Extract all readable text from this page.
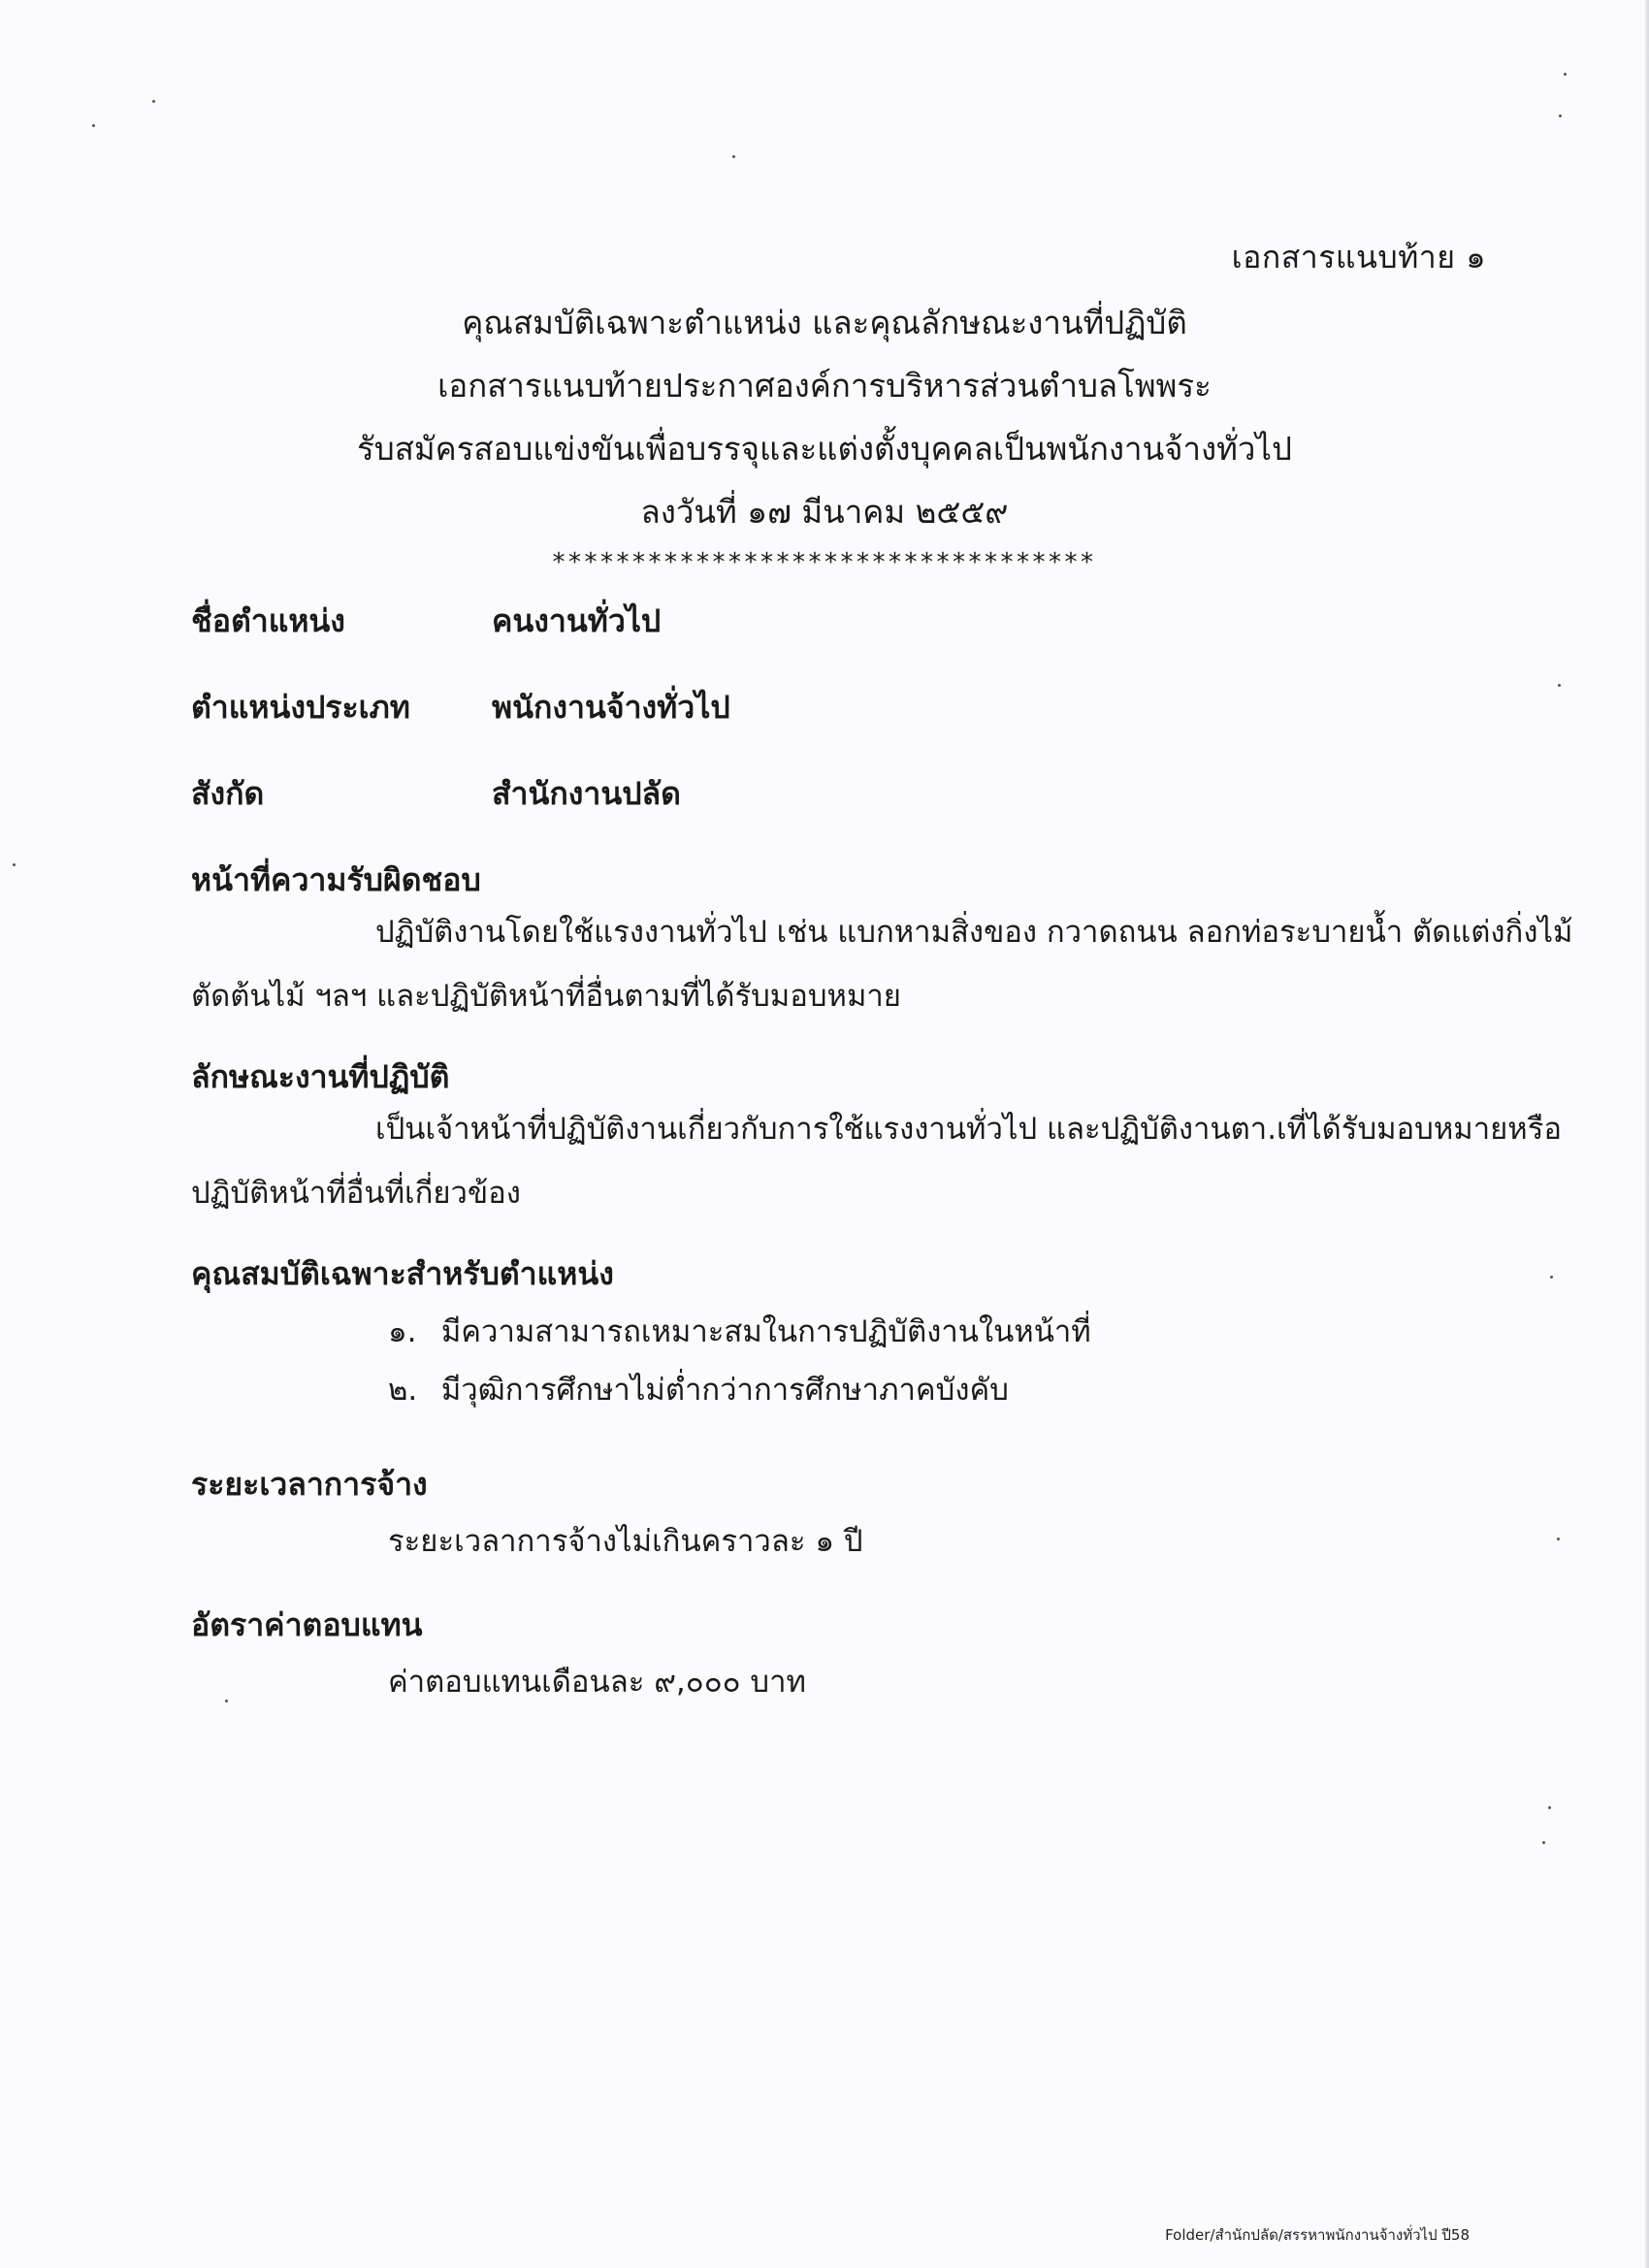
เอกสารแนบท้าย ๑
คุณสมบัติเฉพาะตำแหน่ง และคุณลักษณะงานที่ปฏิบัติ
เอกสารแนบท้ายประกาศองค์การบริหารส่วนตำบลโพพระ
รับสมัครสอบแข่งขันเพื่อบรรจุและแต่งตั้งบุคคลเป็นพนักงานจ้างทั่วไป
ลงวันที่ ๑๗ มีนาคม ๒๕๕๙
**********************************
ชื่อตำแหน่ง	คนงานทั่วไป
ตำแหน่งประเภท	พนักงานจ้างทั่วไป
สังกัด	สำนักงานปลัด
หน้าที่ความรับผิดชอบ
ปฏิบัติงานโดยใช้แรงงานทั่วไป เช่น แบกหามสิ่งของ กวาดถนน ลอกท่อระบายน้ำ ตัดแต่งกิ่งไม้
ตัดต้นไม้ ฯลฯ และปฏิบัติหน้าที่อื่นตามที่ได้รับมอบหมาย
ลักษณะงานที่ปฏิบัติ
เป็นเจ้าหน้าที่ปฏิบัติงานเกี่ยวกับการใช้แรงงานทั่วไป และปฏิบัติงานตา.เที่ได้รับมอบหมายหรือ
ปฏิบัติหน้าที่อื่นที่เกี่ยวข้อง
คุณสมบัติเฉพาะสำหรับตำแหน่ง
๑. มีความสามารถเหมาะสมในการปฏิบัติงานในหน้าที่
๒. มีวุฒิการศึกษาไม่ต่ำกว่าการศึกษาภาคบังคับ
ระยะเวลาการจ้าง
ระยะเวลาการจ้างไม่เกินคราวละ ๑ ปี
อัตราค่าตอบแทน
ค่าตอบแทนเดือนละ ๙,๐๐๐ บาท
Folder/สำนักปลัด/สรรหาพนักงานจ้างทั่วไป ปี58
